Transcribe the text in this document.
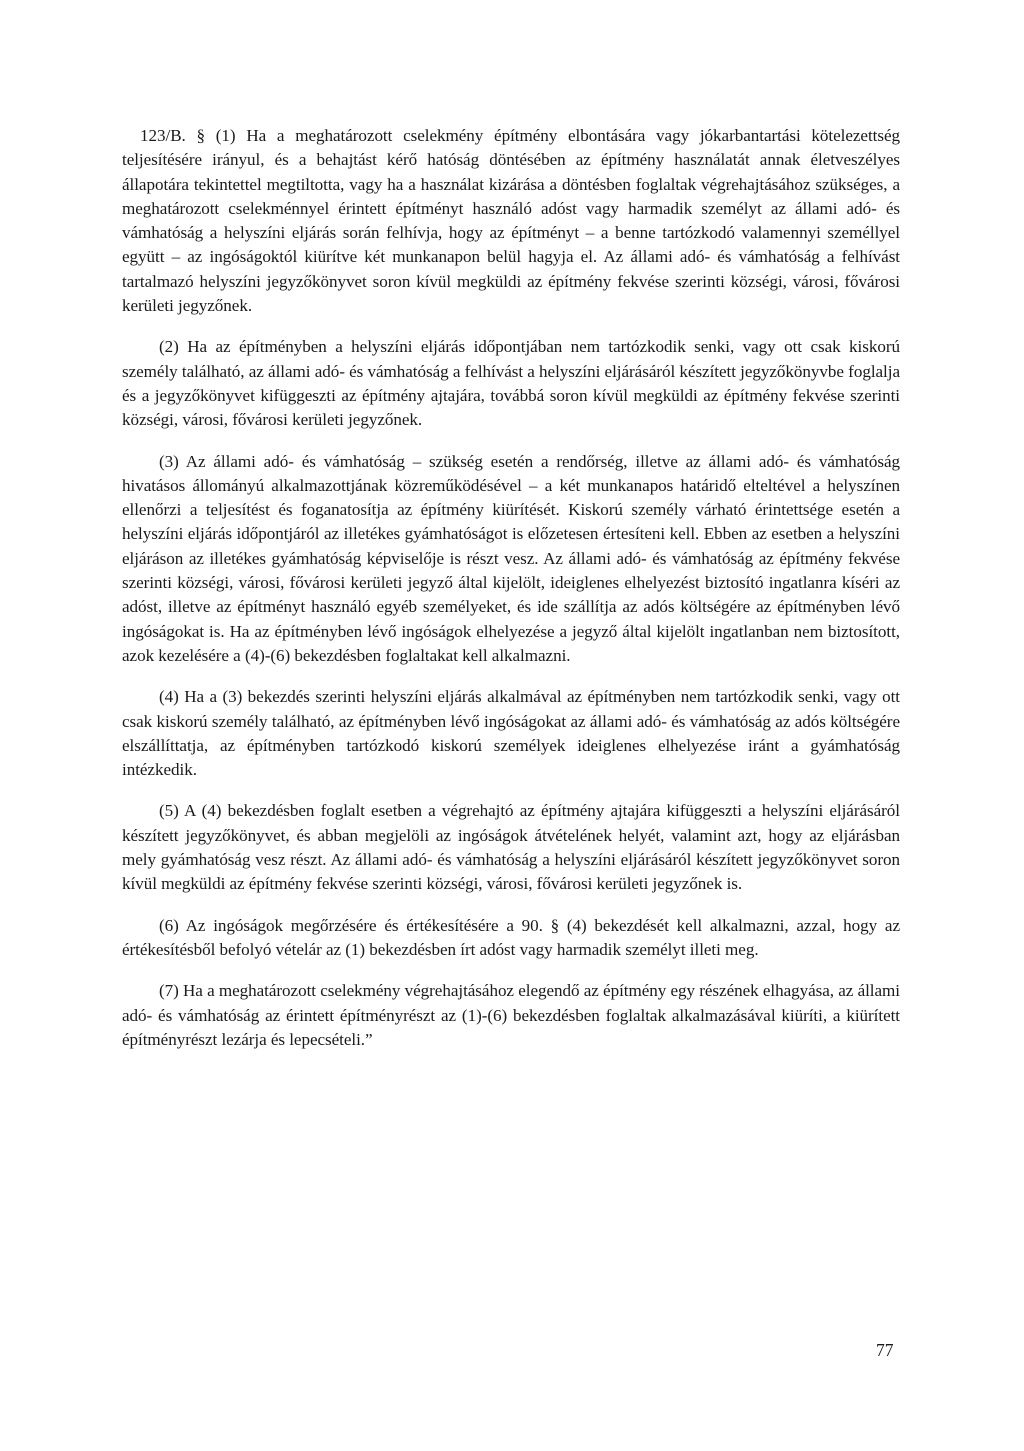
123/B. § (1) Ha a meghatározott cselekmény építmény elbontására vagy jókarbantartási kötelezettség teljesítésére irányul, és a behajtást kérő hatóság döntésében az építmény használatát annak életveszélyes állapotára tekintettel megtiltotta, vagy ha a használat kizárása a döntésben foglaltak végrehajtásához szükséges, a meghatározott cselekménnyel érintett építményt használó adóst vagy harmadik személyt az állami adó- és vámhatóság a helyszíni eljárás során felhívja, hogy az építményt – a benne tartózkodó valamennyi személlyel együtt – az ingóságoktól kiürítve két munkanapon belül hagyja el. Az állami adó- és vámhatóság a felhívást tartalmazó helyszíni jegyzőkönyvet soron kívül megküldi az építmény fekvése szerinti községi, városi, fővárosi kerületi jegyzőnek.

(2) Ha az építményben a helyszíni eljárás időpontjában nem tartózkodik senki, vagy ott csak kiskorú személy található, az állami adó- és vámhatóság a felhívást a helyszíni eljárásáról készített jegyzőkönyvbe foglalja és a jegyzőkönyvet kifüggeszti az építmény ajtajára, továbbá soron kívül megküldi az építmény fekvése szerinti községi, városi, fővárosi kerületi jegyzőnek.

(3) Az állami adó- és vámhatóság – szükség esetén a rendőrség, illetve az állami adó- és vámhatóság hivatásos állományú alkalmazottjának közreműködésével – a két munkanapos határidő elteltével a helyszínen ellenőrzi a teljesítést és foganatosítja az építmény kiürítését. Kiskorú személy várható érintettsége esetén a helyszíni eljárás időpontjáról az illetékes gyámhatóságot is előzetesen értesíteni kell. Ebben az esetben a helyszíni eljáráson az illetékes gyámhatóság képviselője is részt vesz. Az állami adó- és vámhatóság az építmény fekvése szerinti községi, városi, fővárosi kerületi jegyző által kijelölt, ideiglenes elhelyezést biztosító ingatlanra kíséri az adóst, illetve az építményt használó egyéb személyeket, és ide szállítja az adós költségére az építményben lévő ingóságokat is. Ha az építményben lévő ingóságok elhelyezése a jegyző által kijelölt ingatlanban nem biztosított, azok kezelésére a (4)-(6) bekezdésben foglaltakat kell alkalmazni.

(4) Ha a (3) bekezdés szerinti helyszíni eljárás alkalmával az építményben nem tartózkodik senki, vagy ott csak kiskorú személy található, az építményben lévő ingóságokat az állami adó- és vámhatóság az adós költségére elszállíttatja, az építményben tartózkodó kiskorú személyek ideiglenes elhelyezése iránt a gyámhatóság intézkedik.

(5) A (4) bekezdésben foglalt esetben a végrehajtó az építmény ajtajára kifüggeszti a helyszíni eljárásáról készített jegyzőkönyvet, és abban megjelöli az ingóságok átvételének helyét, valamint azt, hogy az eljárásban mely gyámhatóság vesz részt. Az állami adó- és vámhatóság a helyszíni eljárásáról készített jegyzőkönyvet soron kívül megküldi az építmény fekvése szerinti községi, városi, fővárosi kerületi jegyzőnek is.

(6) Az ingóságok megőrzésére és értékesítésére a 90. § (4) bekezdését kell alkalmazni, azzal, hogy az értékesítésből befolyó vételár az (1) bekezdésben írt adóst vagy harmadik személyt illeti meg.

(7) Ha a meghatározott cselekmény végrehajtásához elegendő az építmény egy részének elhagyása, az állami adó- és vámhatóság az érintett építményrészt az (1)-(6) bekezdésben foglaltak alkalmazásával kiüríti, a kiürített építményrészt lezárja és lepecsételi.”

77
